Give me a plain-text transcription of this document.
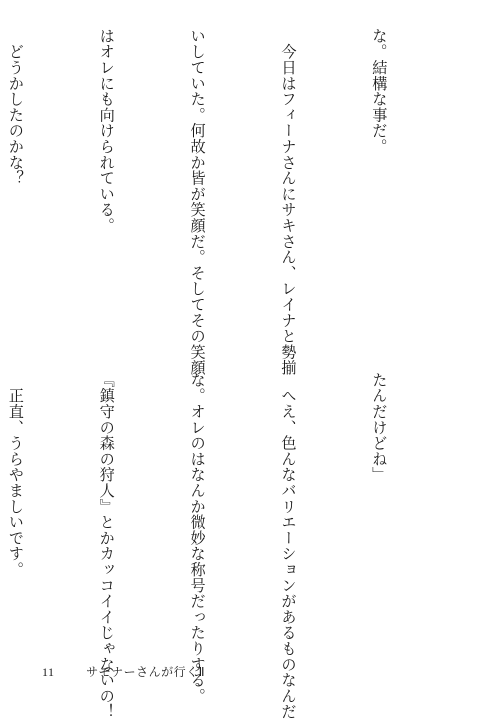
な。結構な事だ。

　今日はフィーナさんにサキさん、レイナと勢揃

いしていた。何故か皆が笑顔だ。そしてその笑顔

はオレにも向けられている。

　どうかしたのかな？

たんだけどね」

　へえ、色んなバリエーションがあるものなんだ

な。オレのはなんか微妙な称号だったりする。

『鎮守の森の狩人』とかカッコイイじゃないの！

　正直、うらやましいです。

11	サモナーさんが行くⅡ
